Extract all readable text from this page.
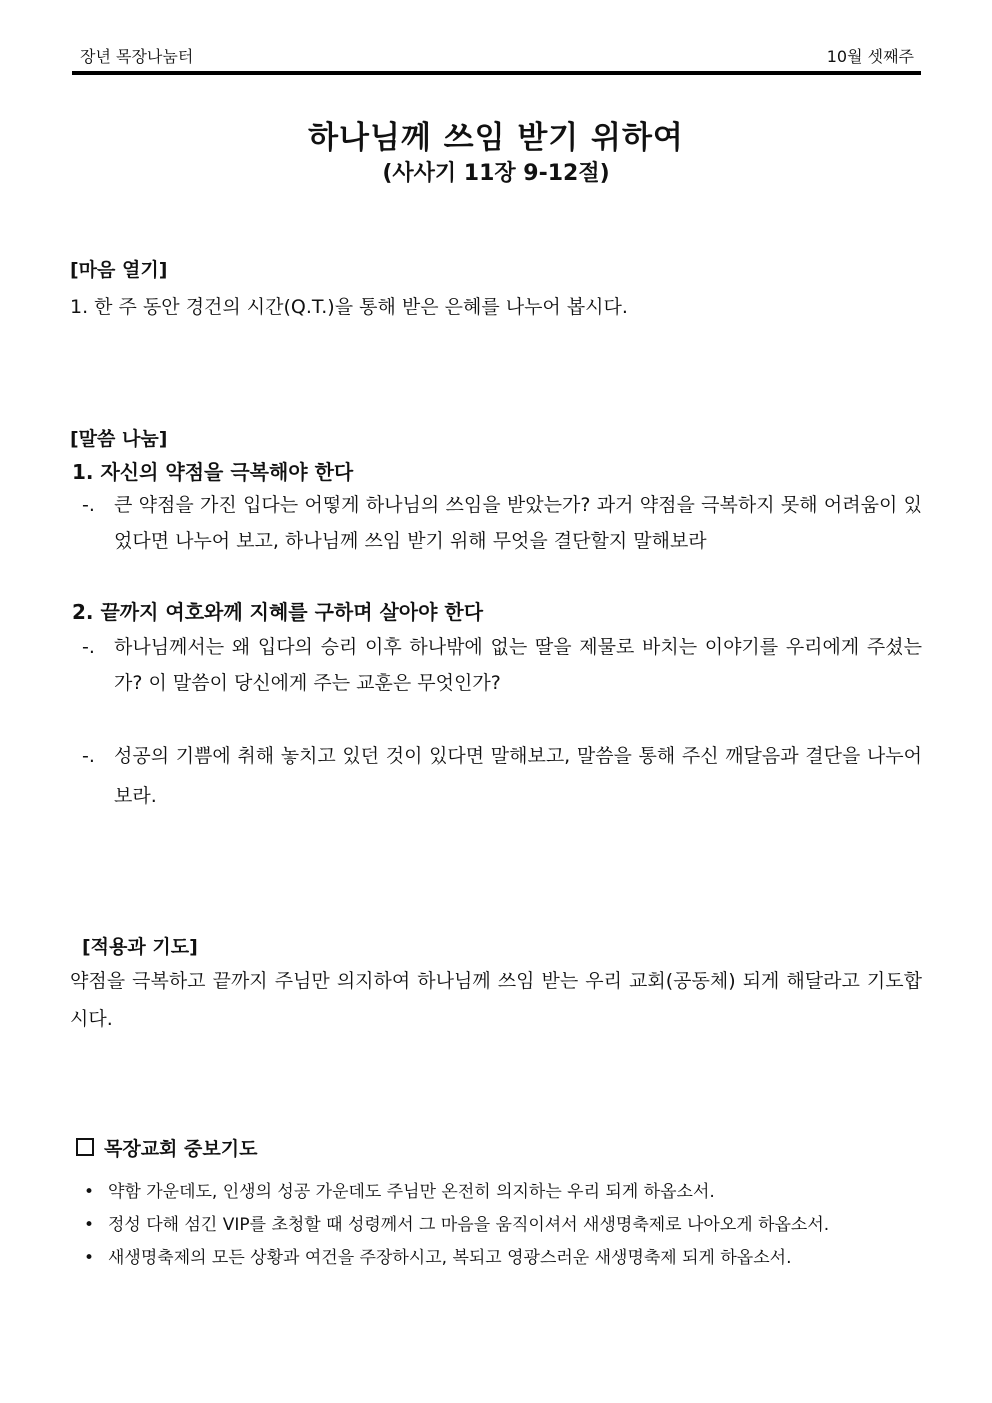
장년 목장나눔터	10월 셋째주
하나님께 쓰임 받기 위하여
(사사기 11장 9-12절)
[마음 열기]
1. 한 주 동안 경건의 시간(Q.T.)을 통해 받은 은혜를 나누어 봅시다.
[말씀 나눔]
1. 자신의 약점을 극복해야 한다
-. 큰 약점을 가진 입다는 어떻게 하나님의 쓰임을 받았는가? 과거 약점을 극복하지 못해 어려움이 있었다면 나누어 보고, 하나님께 쓰임 받기 위해 무엇을 결단할지 말해보라
2. 끝까지 여호와께 지혜를 구하며 살아야 한다
-. 하나님께서는 왜 입다의 승리 이후 하나밖에 없는 딸을 제물로 바치는 이야기를 우리에게 주셨는가? 이 말씀이 당신에게 주는 교훈은 무엇인가?
-. 성공의 기쁨에 취해 놓치고 있던 것이 있다면 말해보고, 말씀을 통해 주신 깨달음과 결단을 나누어 보라.
[적용과 기도]
약점을 극복하고 끝까지 주님만 의지하여 하나님께 쓰임 받는 우리 교회(공동체) 되게 해달라고 기도합시다.
목장교회 중보기도
• 약함 가운데도, 인생의 성공 가운데도 주님만 온전히 의지하는 우리 되게 하옵소서.
• 정성 다해 섬긴 VIP를 초청할 때 성령께서 그 마음을 움직이셔서 새생명축제로 나아오게 하옵소서.
• 새생명축제의 모든 상황과 여건을 주장하시고, 복되고 영광스러운 새생명축제 되게 하옵소서.
